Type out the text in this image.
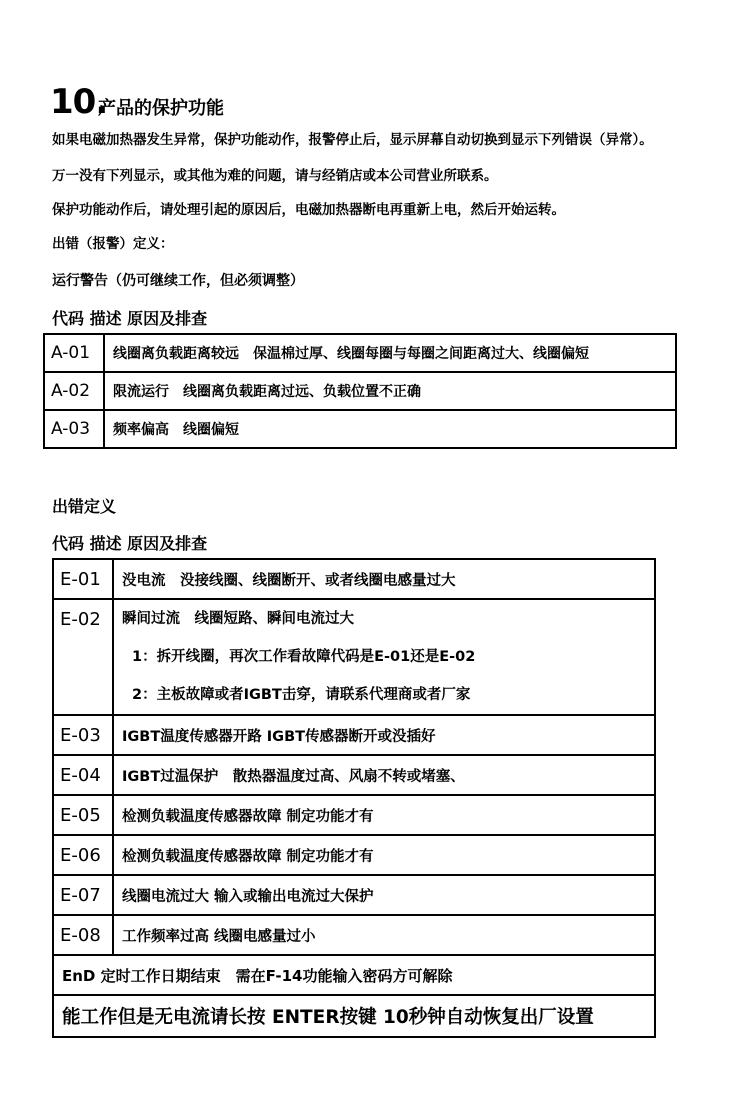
10.
产品的保护功能
如果电磁加热器发生异常，保护功能动作，报警停止后，显示屏幕自动切换到显示下列错误（异常）。
万一没有下列显示，或其他为难的问题，请与经销店或本公司营业所联系。
保护功能动作后，请处理引起的原因后，电磁加热器断电再重新上电，然后开始运转。
出错（报警）定义：
运行警告（仍可继续工作，但必须调整）
代码 描述 原因及排查
A-01	线圈离负载距离较远　保温棉过厚、线圈每圈与每圈之间距离过大、线圈偏短
A-02	限流运行　线圈离负载距离过远、负载位置不正确
A-03	频率偏高　线圈偏短
出错定义
代码 描述 原因及排查
E-01	没电流　没接线圈、线圈断开、或者线圈电感量过大
E-02	瞬间过流　线圈短路、瞬间电流过大
1：拆开线圈，再次工作看故障代码是E-01还是E-02
2：主板故障或者IGBT击穿，请联系代理商或者厂家

E-03	IGBT温度传感器开路 IGBT传感器断开或没插好
E-04	IGBT过温保护　散热器温度过高、风扇不转或堵塞、
E-05	检测负载温度传感器故障 制定功能才有
E-06	检测负载温度传感器故障 制定功能才有
E-07	线圈电流过大 输入或输出电流过大保护
E-08	工作频率过高 线圈电感量过小
EnD 定时工作日期结束　需在F-14功能输入密码方可解除	
能工作但是无电流请长按 ENTER按键 10秒钟自动恢复出厂设置	
